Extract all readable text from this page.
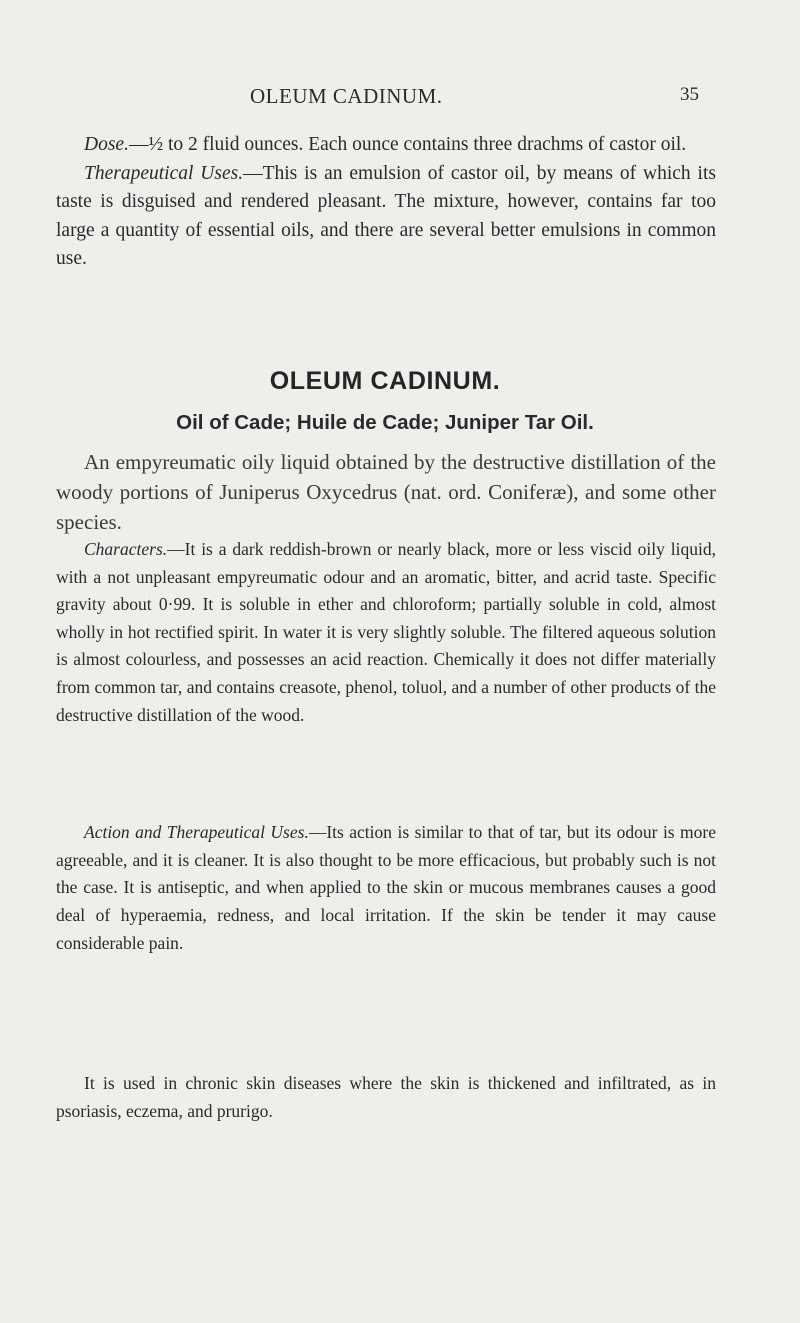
OLEUM CADINUM.	35

Dose.—½ to 2 fluid ounces. Each ounce contains three drachms of castor oil.

Therapeutical Uses.—This is an emulsion of castor oil, by means of which its taste is disguised and rendered pleasant. The mixture, however, contains far too large a quantity of essential oils, and there are several better emulsions in common use.

OLEUM CADINUM.
Oil of Cade; Huile de Cade; Juniper Tar Oil.

An empyreumatic oily liquid obtained by the destructive distillation of the woody portions of Juniperus Oxycedrus (nat. ord. Coniferæ), and some other species.

Characters.—It is a dark reddish-brown or nearly black, more or less viscid oily liquid, with a not unpleasant empyreumatic odour and an aromatic, bitter, and acrid taste. Specific gravity about 0·99. It is soluble in ether and chloroform; partially soluble in cold, almost wholly in hot rectified spirit. In water it is very slightly soluble. The filtered aqueous solution is almost colourless, and possesses an acid reaction. Chemically it does not differ materially from common tar, and contains creasote, phenol, toluol, and a number of other products of the destructive distillation of the wood.

Action and Therapeutical Uses.—Its action is similar to that of tar, but its odour is more agreeable, and it is cleaner. It is also thought to be more efficacious, but probably such is not the case. It is antiseptic, and when applied to the skin or mucous membranes causes a good deal of hyperaemia, redness, and local irritation. If the skin be tender it may cause considerable pain.

It is used in chronic skin diseases where the skin is thickened and infiltrated, as in psoriasis, eczema, and prurigo.
